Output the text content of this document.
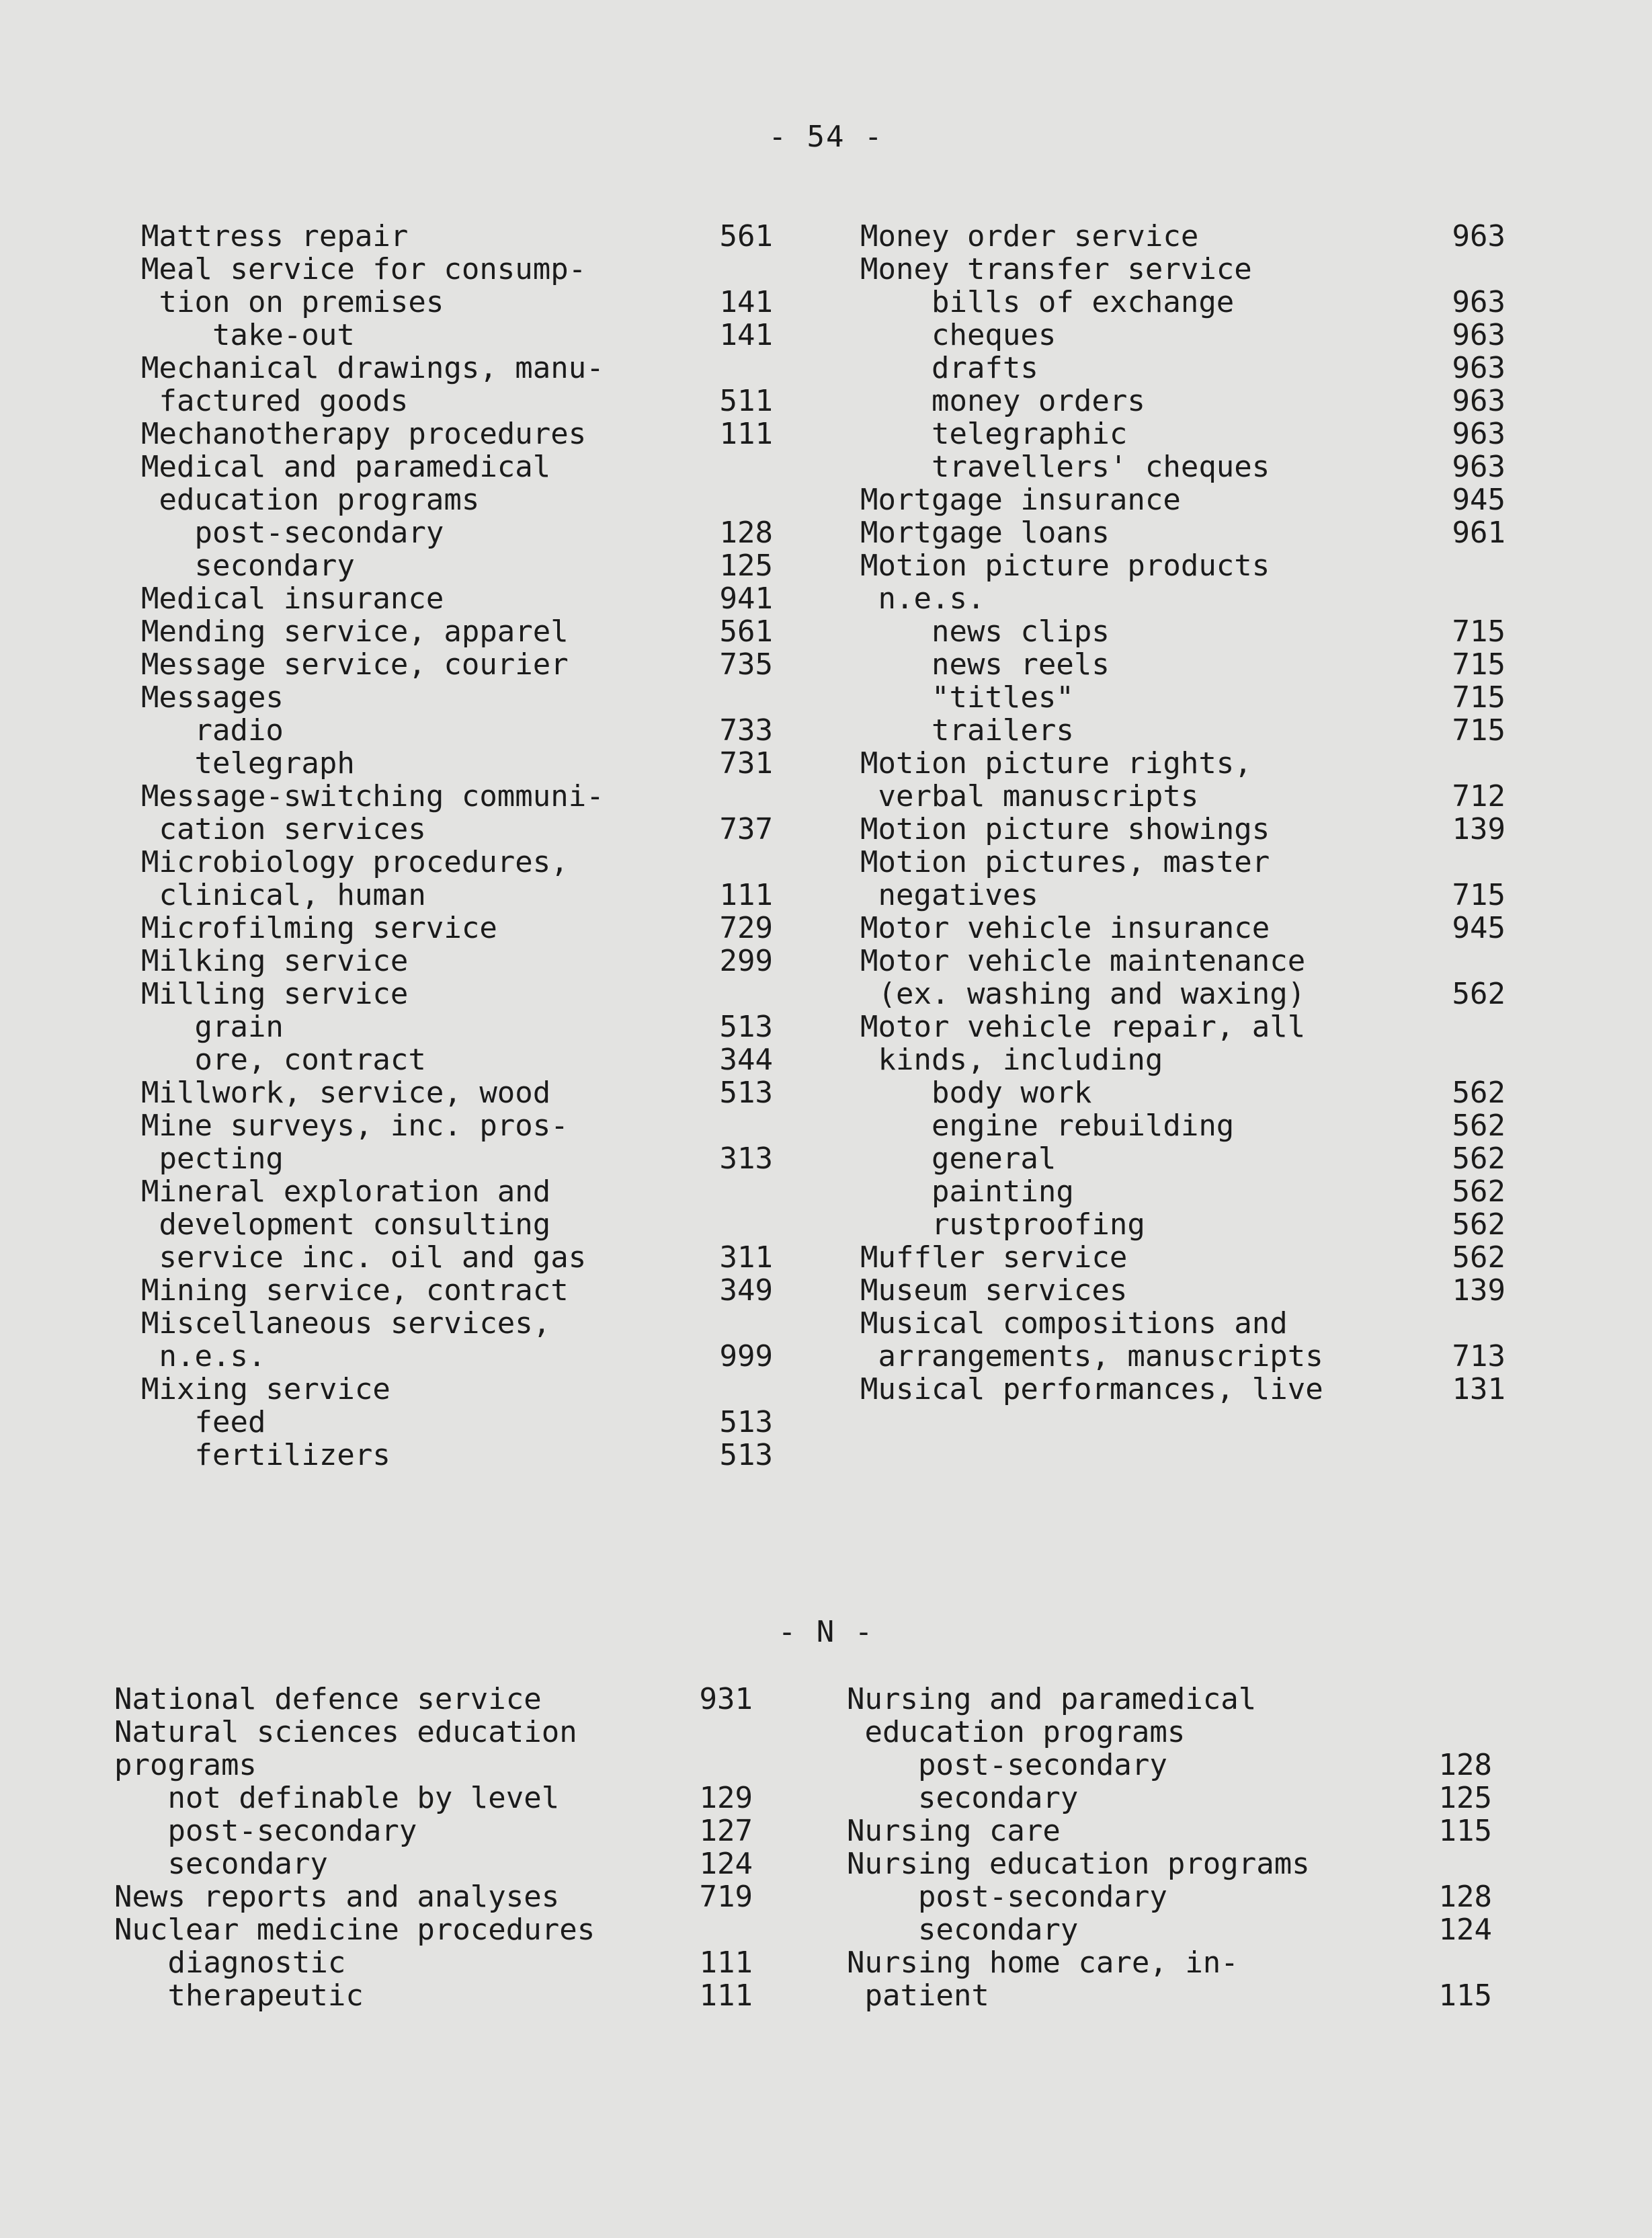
- 54 -
Mattress repair	561
Meal service for consump-
tion on premises	141
take-out	141
Mechanical drawings, manu-
factured goods	511
Mechanotherapy procedures	111
Medical and paramedical
education programs
post-secondary	128
secondary	125
Medical insurance	941
Mending service, apparel	561
Message service, courier	735
Messages
radio	733
telegraph	731
Message-switching communi-
cation services	737
Microbiology procedures,
clinical, human	111
Microfilming service	729
Milking service	299
Milling service
grain	513
ore, contract	344
Millwork, service, wood	513
Mine surveys, inc. pros-
pecting	313
Mineral exploration and
development consulting
service inc. oil and gas	311
Mining service, contract	349
Miscellaneous services,
n.e.s.	999
Mixing service
feed	513
fertilizers	513
Money order service	963
Money transfer service
bills of exchange	963
cheques	963
drafts	963
money orders	963
telegraphic	963
travellers' cheques	963
Mortgage insurance	945
Mortgage loans	961
Motion picture products
n.e.s.
news clips	715
news reels	715
"titles"	715
trailers	715
Motion picture rights,
verbal manuscripts	712
Motion picture showings	139
Motion pictures, master
negatives	715
Motor vehicle insurance	945
Motor vehicle maintenance
(ex. washing and waxing)	562
Motor vehicle repair, all
kinds, including
body work	562
engine rebuilding	562
general	562
painting	562
rustproofing	562
Muffler service	562
Museum services	139
Musical compositions and
arrangements, manuscripts	713
Musical performances, live	131
- N -
National defence service	931
Natural sciences education
programs
not definable by level	129
post-secondary	127
secondary	124
News reports and analyses	719
Nuclear medicine procedures
diagnostic	111
therapeutic	111
Nursing and paramedical
education programs
post-secondary	128
secondary	125
Nursing care	115
Nursing education programs
post-secondary	128
secondary	124
Nursing home care, in-
patient	115
